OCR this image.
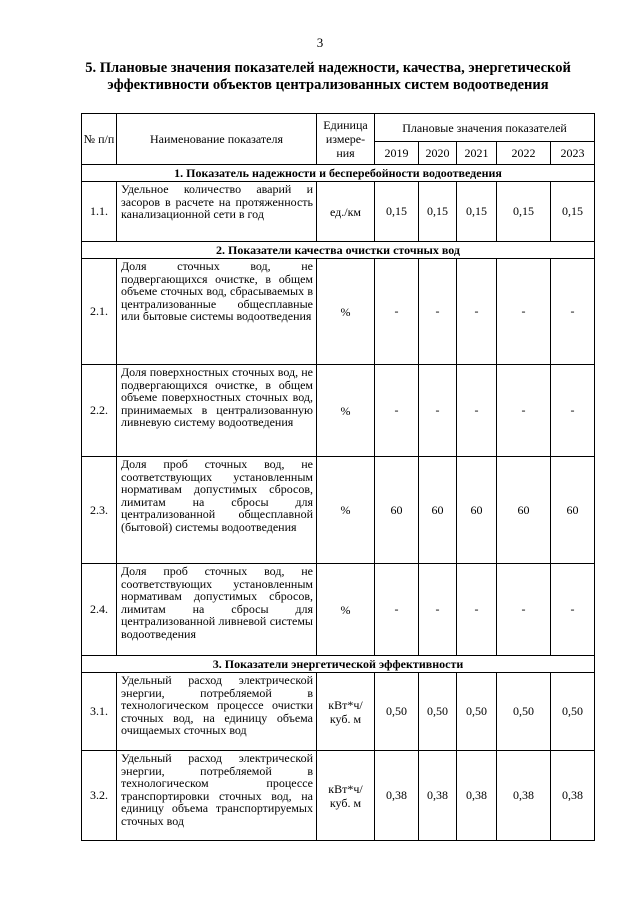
3
5. Плановые значения показателей надежности, качества, энергетической
эффективности объектов централизованных систем водоотведения
№ п/п	Наименование показателя	Единица измере- ния	Плановые значения показателей				
			2019	2020	2021	2022	2023
1. Показатель надежности и бесперебойности водоотведения							
1.1.	Удельное количество аварий и засоров в расчете на протяженность канализационной сети в год	ед./км	0,15	0,15	0,15	0,15	0,15
2. Показатели качества очистки сточных вод							
2.1.	Доля сточных вод, не подвергающихся очистке, в общем объеме сточных вод, сбрасываемых в централизованные общесплавные или бытовые системы водоотведения	%	-	-	-	-	-
2.2.	Доля поверхностных сточных вод, не подвергающихся очистке, в общем объеме поверхностных сточных вод, принимаемых в централизованную ливневую систему водоотведения	%	-	-	-	-	-
2.3.	Доля проб сточных вод, не соответствующих установленным нормативам допустимых сбросов, лимитам на сбросы для централизованной общесплавной (бытовой) системы водоотведения	%	60	60	60	60	60
2.4.	Доля проб сточных вод, не соответствующих установленным нормативам допустимых сбросов, лимитам на сбросы для централизованной ливневой системы водоотведения	%	-	-	-	-	-
3. Показатели энергетической эффективности							
3.1.	Удельный расход электрической энергии, потребляемой в технологическом процессе очистки сточных вод, на единицу объема очищаемых сточных вод	кВт*ч/ куб. м	0,50	0,50	0,50	0,50	0,50
3.2.	Удельный расход электрической энергии, потребляемой в технологическом процессе транспортировки сточных вод, на единицу объема транспортируемых сточных вод	кВт*ч/ куб. м	0,38	0,38	0,38	0,38	0,38
